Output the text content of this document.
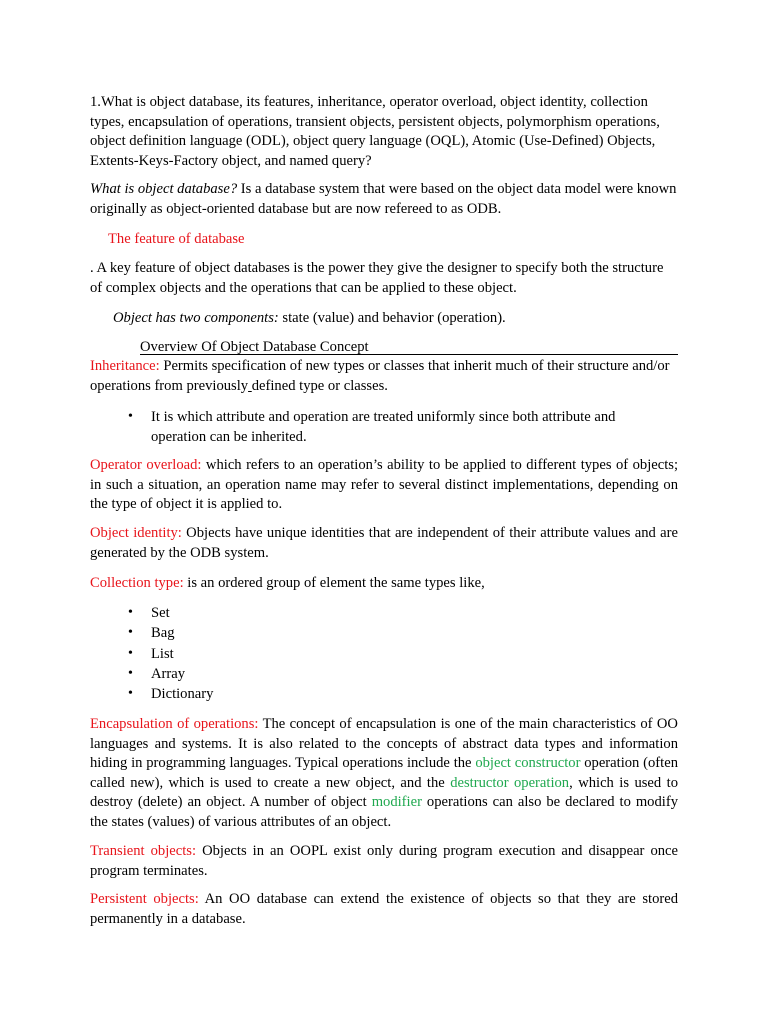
1.What is object database, its features, inheritance, operator overload, object identity, collection types, encapsulation of operations, transient objects, persistent objects, polymorphism operations, object definition language (ODL), object query language (OQL), Atomic (Use-Defined) Objects, Extents-Keys-Factory object, and named query?

What is object database? Is a database system that were based on the object data model were known originally as object-oriented database but are now refereed to as ODB.

The feature of database

. A key feature of object databases is the power they give the designer to specify both the structure of complex objects and the operations that can be applied to these object.

Object has two components: state (value) and behavior (operation).

Overview Of Object Database Concept

Inheritance: Permits specification of new types or classes that inherit much of their structure and/or operations from previously defined type or classes.

• It is which attribute and operation are treated uniformly since both attribute and operation can be inherited.

Operator overload: which refers to an operation’s ability to be applied to different types of objects; in such a situation, an operation name may refer to several distinct implementations, depending on the type of object it is applied to.

Object identity: Objects have unique identities that are independent of their attribute values and are generated by the ODB system.

Collection type: is an ordered group of element the same types like,

• Set
• Bag
• List
• Array
• Dictionary

Encapsulation of operations: The concept of encapsulation is one of the main characteristics of OO languages and systems. It is also related to the concepts of abstract data types and information hiding in programming languages. Typical operations include the object constructor operation (often called new), which is used to create a new object, and the destructor operation, which is used to destroy (delete) an object. A number of object modifier operations can also be declared to modify the states (values) of various attributes of an object.

Transient objects: Objects in an OOPL exist only during program execution and disappear once program terminates.

Persistent objects: An OO database can extend the existence of objects so that they are stored permanently in a database.
